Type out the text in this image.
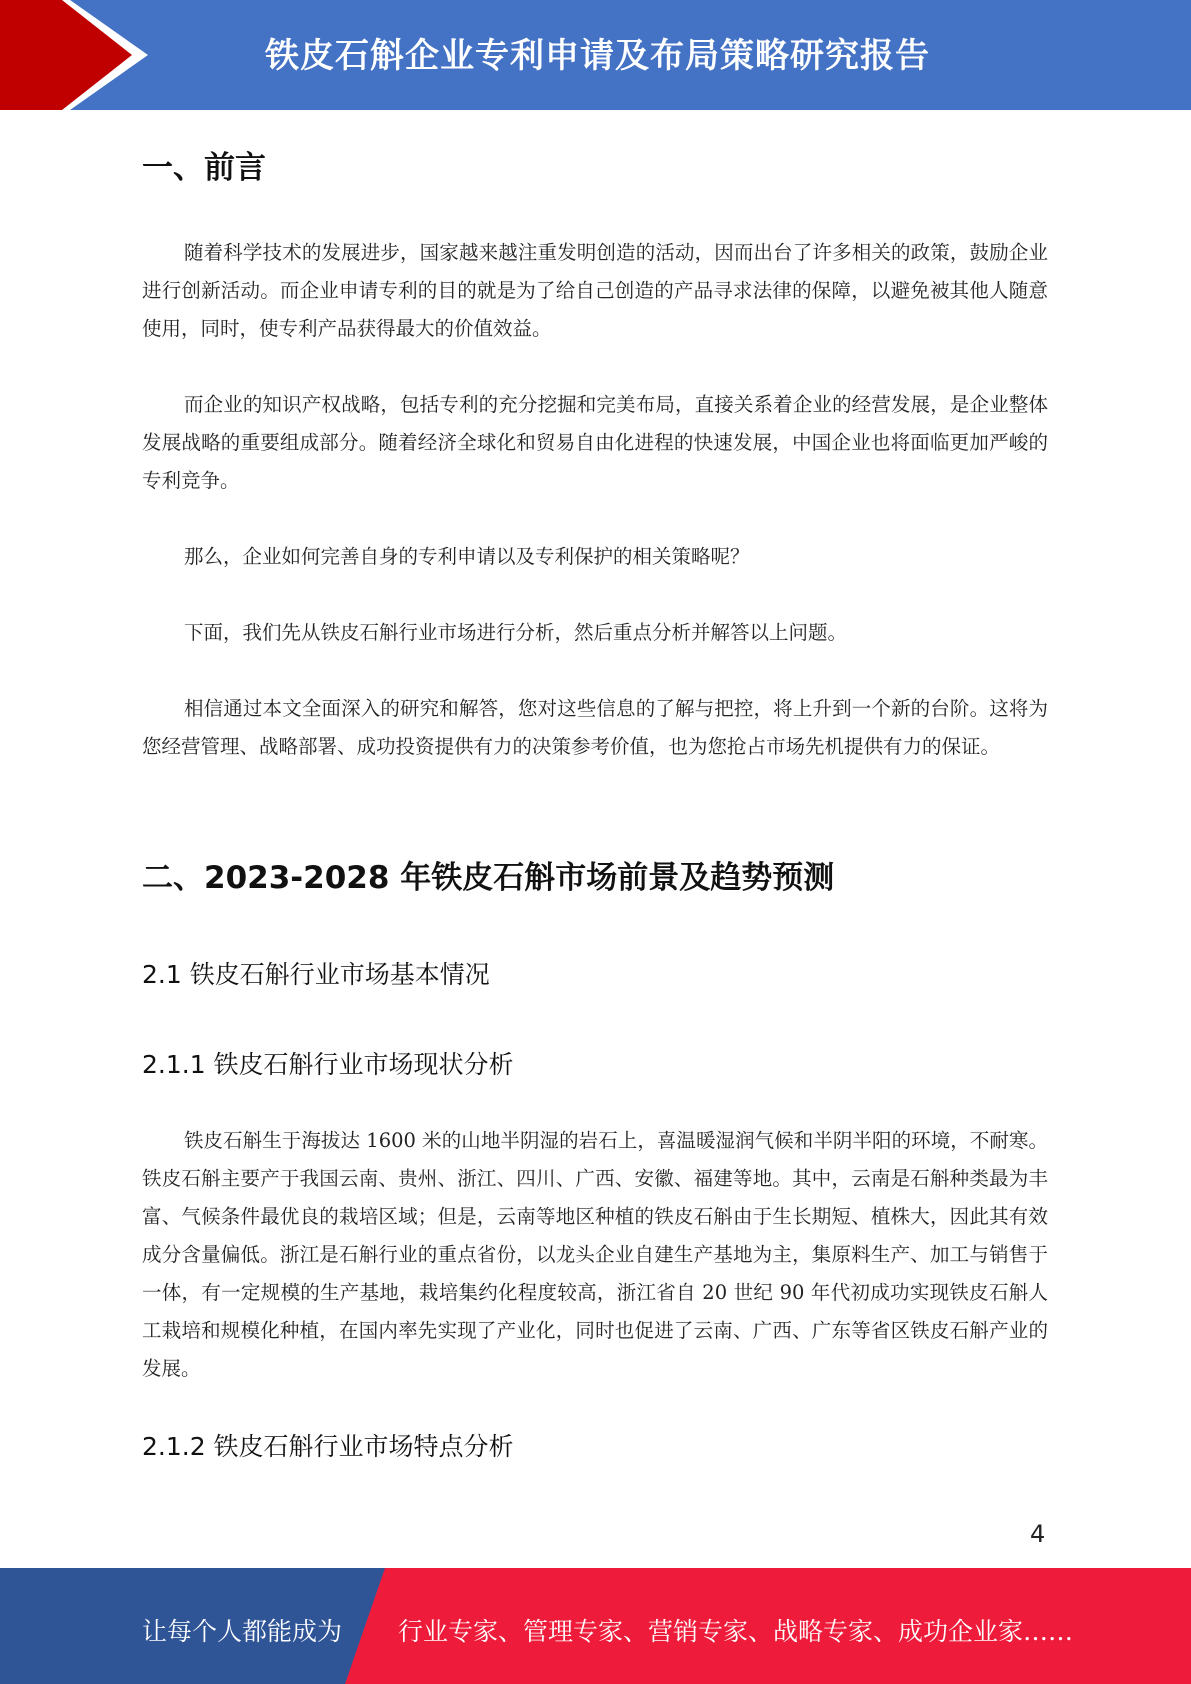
铁皮石斛企业专利申请及布局策略研究报告
一、前言

随着科学技术的发展进步，国家越来越注重发明创造的活动，因而出台了许多相关的政策，鼓励企业进行创新活动。而企业申请专利的目的就是为了给自己创造的产品寻求法律的保障，以避免被其他人随意使用，同时，使专利产品获得最大的价值效益。

而企业的知识产权战略，包括专利的充分挖掘和完美布局，直接关系着企业的经营发展，是企业整体发展战略的重要组成部分。随着经济全球化和贸易自由化进程的快速发展，中国企业也将面临更加严峻的专利竞争。

那么，企业如何完善自身的专利申请以及专利保护的相关策略呢？

下面，我们先从铁皮石斛行业市场进行分析，然后重点分析并解答以上问题。

相信通过本文全面深入的研究和解答，您对这些信息的了解与把控，将上升到一个新的台阶。这将为您经营管理、战略部署、成功投资提供有力的决策参考价值，也为您抢占市场先机提供有力的保证。

二、2023-2028 年铁皮石斛市场前景及趋势预测
2.1 铁皮石斛行业市场基本情况
2.1.1 铁皮石斛行业市场现状分析

铁皮石斛生于海拔达 1600 米的山地半阴湿的岩石上，喜温暖湿润气候和半阴半阳的环境，不耐寒。铁皮石斛主要产于我国云南、贵州、浙江、四川、广西、安徽、福建等地。其中，云南是石斛种类最为丰富、气候条件最优良的栽培区域；但是，云南等地区种植的铁皮石斛由于生长期短、植株大，因此其有效成分含量偏低。浙江是石斛行业的重点省份，以龙头企业自建生产基地为主，集原料生产、加工与销售于一体，有一定规模的生产基地，栽培集约化程度较高，浙江省自 20 世纪 90 年代初成功实现铁皮石斛人工栽培和规模化种植，在国内率先实现了产业化，同时也促进了云南、广西、广东等省区铁皮石斛产业的发展。

2.1.2 铁皮石斛行业市场特点分析
4
让每个人都能成为 行业专家、管理专家、营销专家、战略专家、成功企业家……
